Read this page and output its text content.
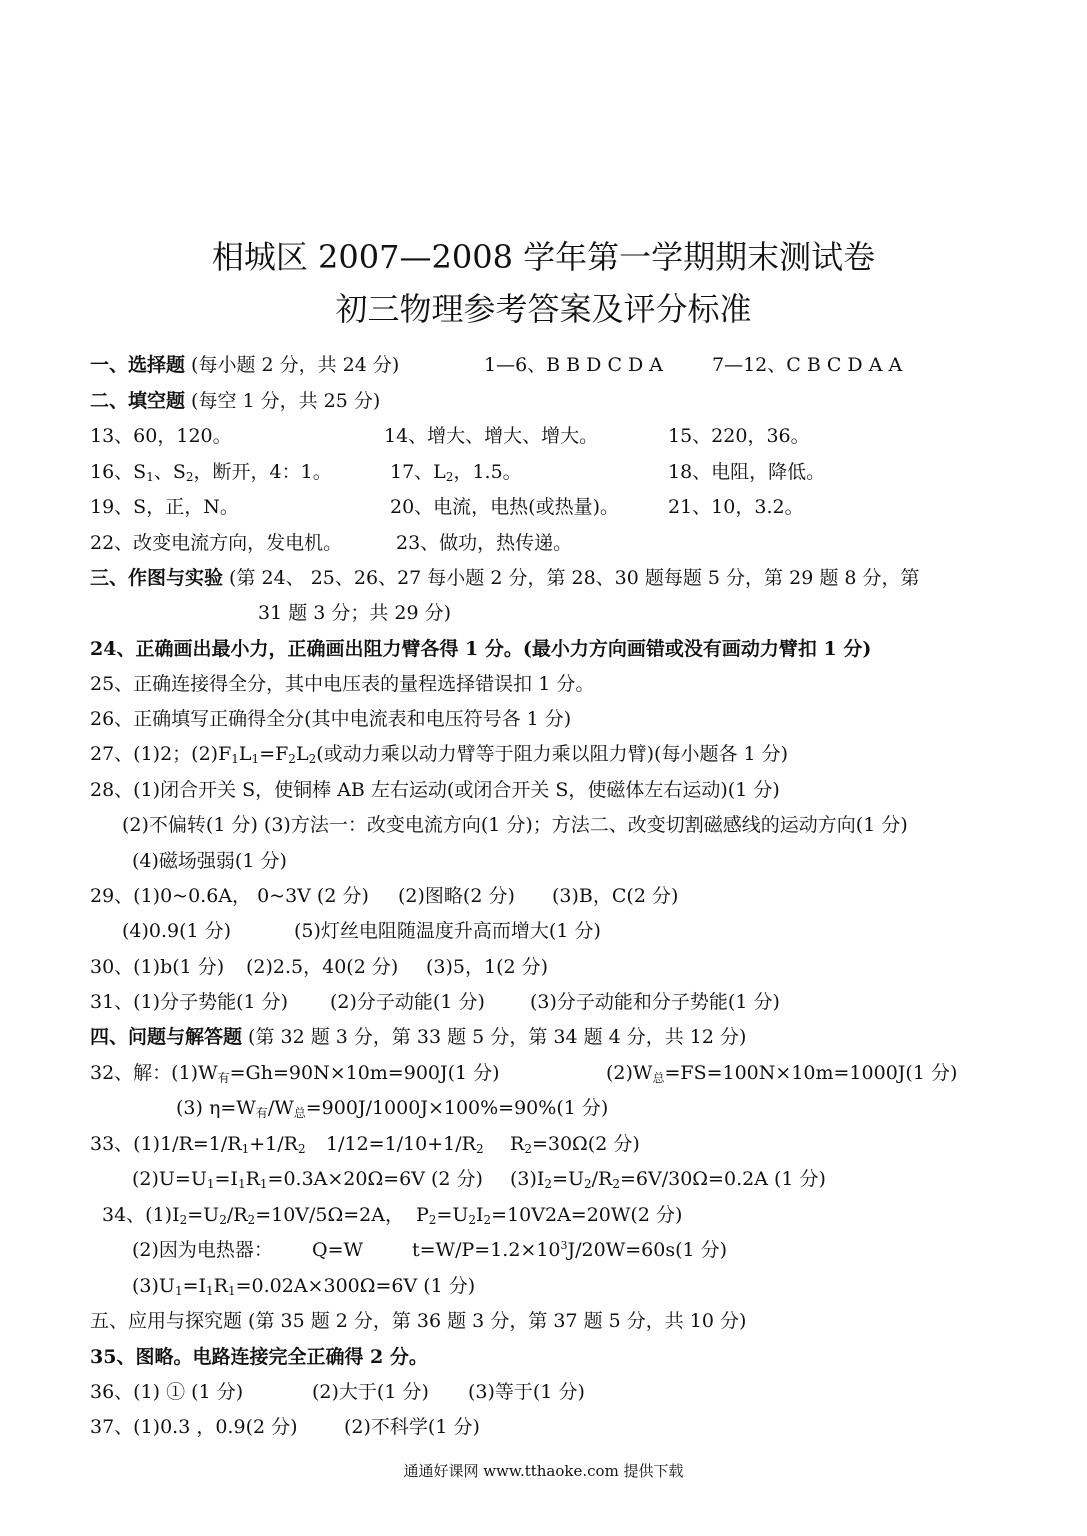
相城区 2007—2008 学年第一学期期末测试卷
初三物理参考答案及评分标准
一、选择题 (每小题 2 分，共 24 分)	1—6、B B D C D A	7—12、C B C D A A
二、填空题 (每空 1 分，共 25 分)
13、60，120。	14、增大、增大、增大。	15、220，36。
16、$S_1$、$S_2$，断开，4：1。	17、$L_2$，1.5。	18、电阻，降低。
19、S，正，N。	20、电流，电热(或热量)。	21、10，3.2。
22、改变电流方向，发电机。	23、做功，热传递。
三、作图与实验 (第 24、 25、26、27 每小题 2 分，第 28、30 题每题 5 分，第 29 题 8 分，第
31 题 3 分；共 29 分)
24、正确画出最小力，正确画出阻力臂各得 1 分。(最小力方向画错或没有画动力臂扣 1 分)
25、正确连接得全分，其中电压表的量程选择错误扣 1 分。
26、正确填写正确得全分(其中电流表和电压符号各 1 分)
27、(1)2；$(2)F_1L_1=F_2L_2$(或动力乘以动力臂等于阻力乘以阻力臂)(每小题各 1 分)
28、(1)闭合开关 S，使铜棒 AB 左右运动(或闭合开关 S，使磁体左右运动)(1 分)
(2)不偏转(1 分) (3)方法一：改变电流方向(1 分)；方法二、改变切割磁感线的运动方向(1 分)
(4)磁场强弱(1 分)
29、(1)0~0.6A， 0~3V (2 分) (2)图略(2 分) (3)B，C(2 分)
(4)0.9(1 分)	(5)灯丝电阻随温度升高而增大(1 分)
30、(1)b(1 分) (2)2.5，40(2 分) (3)5，1(2 分)
31、(1)分子势能(1 分) (2)分子动能(1 分) (3)分子动能和分子势能(1 分)
四、问题与解答题 (第 32 题 3 分，第 33 题 5 分，第 34 题 4 分，共 12 分)
32、解：$(1)W_有=Gh=90N\times 10m=900J(1$ 分)	$(2)W_总=FS=100N\times 10m=1000J(1$ 分)
(3) $\eta=W_有/W_总=900J/1000J\times 100\%=90\%(1$ 分)
33、$(1)1/R=1/R_1+1/R_2$ $1/12=1/10+1/R_2$ $R_2=30\Omega(2$ 分)
$(2)U=U_1=I_1R_1=0.3A\times 20\Omega=6V$ (2 分) $(3)I_2=U_2/R_2=6V/30\Omega=0.2A$ (1 分)
34、$(1)I_2=U_2/R_2=10V/5\Omega=2A$， $P_2=U_2I_2=10V2A=20W(2$ 分)
(2)因为电热器： Q=W	$t=W/P=1.2\times 10^3J/20W=60s(1$ 分)
$(3)U_1=I_1R_1=0.02A\times 300\Omega=6V$ (1 分)
五、应用与探究题 (第 35 题 2 分，第 36 题 3 分，第 37 题 5 分，共 10 分)
35、图略。电路连接完全正确得 2 分。
36、(1) ① (1 分)	(2)大于(1 分) (3)等于(1 分)
37、(1)0.3 ，0.9(2 分) (2)不科学(1 分)
通通好课网 www.tthaoke.com 提供下载
